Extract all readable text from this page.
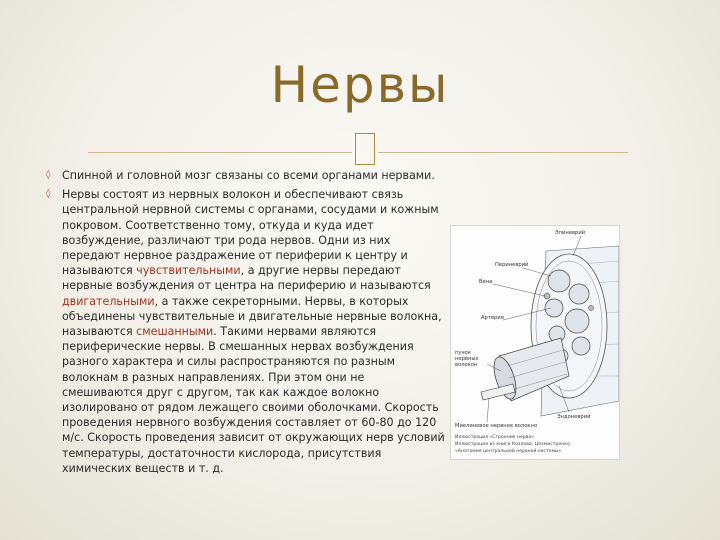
Нервы
◊ Спинной и головной мозг связаны со всеми органами нервами.
◊ Нервы состоят из нервных волокон и обеспечивают связь центральной нервной системы с органами, сосудами и кожным покровом. Соответственно тому, откуда и куда идет возбуждение, различают три рода нервов. Одни из них передают нервное раздражение от периферии к центру и называются чувствительными, а другие нервы передают нервные возбуждения от центра на периферию и называются двигательными, а также секреторными. Нервы, в которых объединены чувствительные и двигательные нервные волокна, называются смешанными. Такими нервами являются периферические нервы. В смешанных нервах возбуждения разного характера и силы распространяются по разным волокнам в разных направлениях. При этом они не смешиваются друг с другом, так как каждое волокно изолировано от рядом лежащего своими оболочками. Скорость проведения нервного возбуждения составляет от 60-80 до 120 м/с. Скорость проведения зависит от окружающих нерв условий температуры, достаточности кислорода, присутствия химических веществ и т. д.
Эпиневрий
Периневрий
Вена
Артерия
пучок
нервных
волокон
Эндоневрий
Миелиновое нервное волокно
Иллюстрация «Строение нерва»
Иллюстрация из книги Козлова, Цехмистренко
«Анатомия центральной нервной системы»
